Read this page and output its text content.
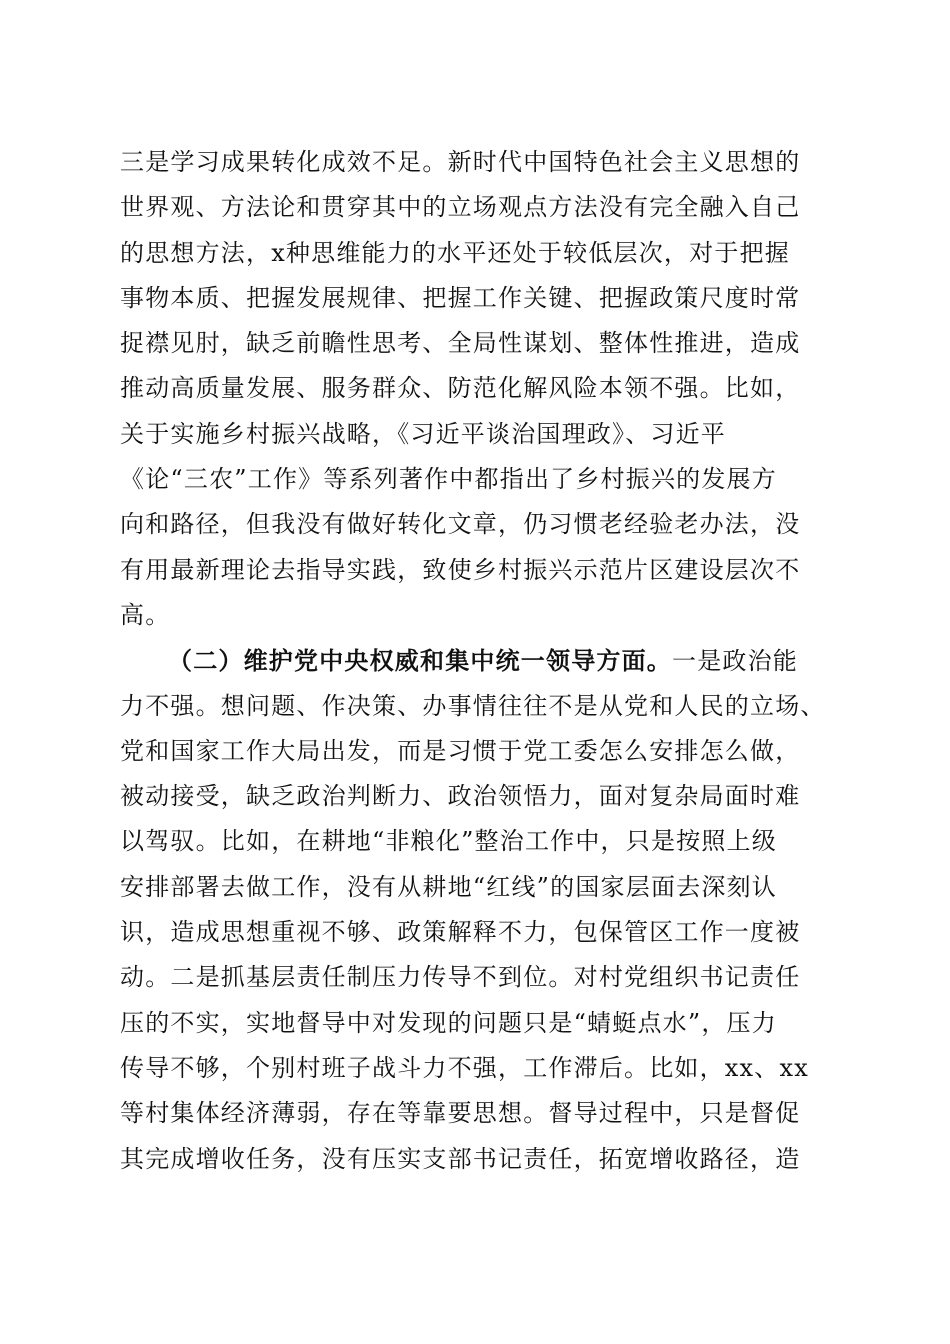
三是学习成果转化成效不足。新时代中国特色社会主义思想的
世界观、方法论和贯穿其中的立场观点方法没有完全融入自己
的思想方法，x种思维能力的水平还处于较低层次，对于把握
事物本质、把握发展规律、把握工作关键、把握政策尺度时常
捉襟见肘，缺乏前瞻性思考、全局性谋划、整体性推进，造成
推动高质量发展、服务群众、防范化解风险本领不强。比如，
关于实施乡村振兴战略，《习近平谈治国理政》、习近平
《论“三农”工作》等系列著作中都指出了乡村振兴的发展方
向和路径，但我没有做好转化文章，仍习惯老经验老办法，没
有用最新理论去指导实践，致使乡村振兴示范片区建设层次不
高。
（二）维护党中央权威和集中统一领导方面。一是政治能
力不强。想问题、作决策、办事情往往不是从党和人民的立场、
党和国家工作大局出发，而是习惯于党工委怎么安排怎么做，
被动接受，缺乏政治判断力、政治领悟力，面对复杂局面时难
以驾驭。比如，在耕地“非粮化”整治工作中，只是按照上级
安排部署去做工作，没有从耕地“红线”的国家层面去深刻认
识，造成思想重视不够、政策解释不力，包保管区工作一度被
动。二是抓基层责任制压力传导不到位。对村党组织书记责任
压的不实，实地督导中对发现的问题只是“蜻蜓点水”，压力
传导不够，个别村班子战斗力不强，工作滞后。比如，xx、xx
等村集体经济薄弱，存在等靠要思想。督导过程中，只是督促
其完成增收任务，没有压实支部书记责任，拓宽增收路径，造
